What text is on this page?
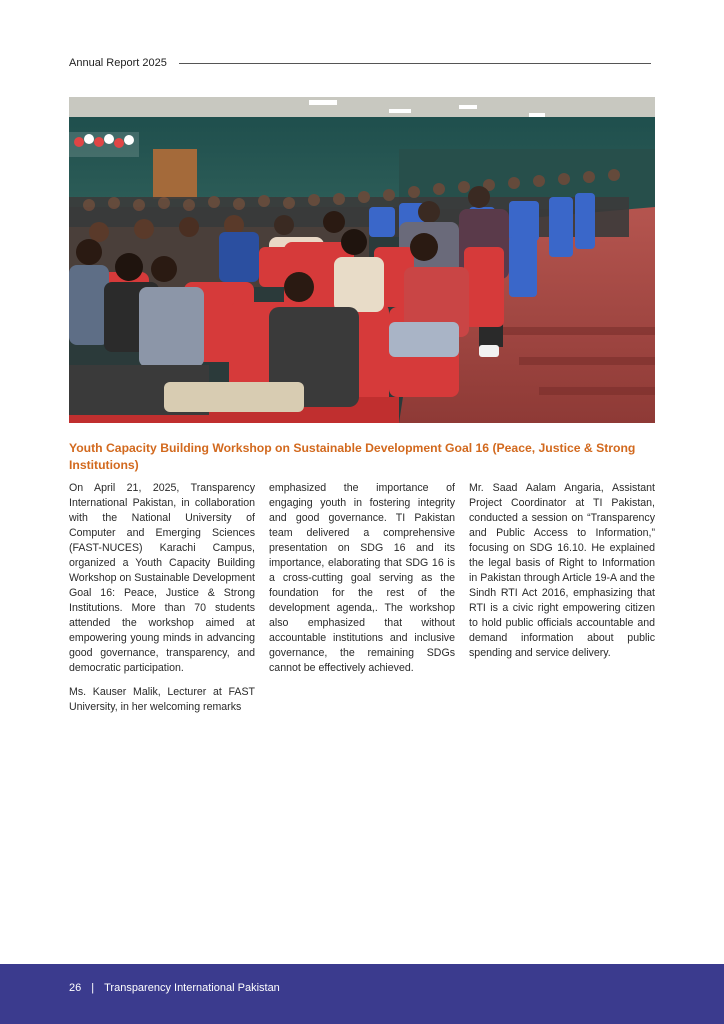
Annual Report 2025
Youth Capacity Building Workshop on Sustainable Development Goal 16 (Peace, Justice & Strong Institutions)

On April 21, 2025, Transparency International Pakistan, in collaboration with the National University of Computer and Emerging Sciences (FAST-NUCES) Karachi Campus, organized a Youth Capacity Building Workshop on Sustainable Development Goal 16: Peace, Justice & Strong Institutions. More than 70 students attended the workshop aimed at empowering young minds in advancing good governance, transparency, and democratic participation.

Ms. Kauser Malik, Lecturer at FAST University, in her welcoming remarks

emphasized the importance of engaging youth in fostering integrity and good governance. TI Pakistan team delivered a comprehensive presentation on SDG 16 and its importance, elaborating that SDG 16 is a cross-cutting goal serving as the foundation for the rest of the development agenda,. The workshop also emphasized that without accountable institutions and inclusive governance, the remaining SDGs cannot be effectively achieved.

Mr. Saad Aalam Angaria, Assistant Project Coordinator at TI Pakistan, conducted a session on “Transparency and Public Access to Information,” focusing on SDG 16.10. He explained the legal basis of Right to Information in Pakistan through Article 19-A and the Sindh RTI Act 2016, emphasizing that RTI is a civic right empowering citizen to hold public officials accountable and demand information about public spending and service delivery.

26 | Transparency International Pakistan
